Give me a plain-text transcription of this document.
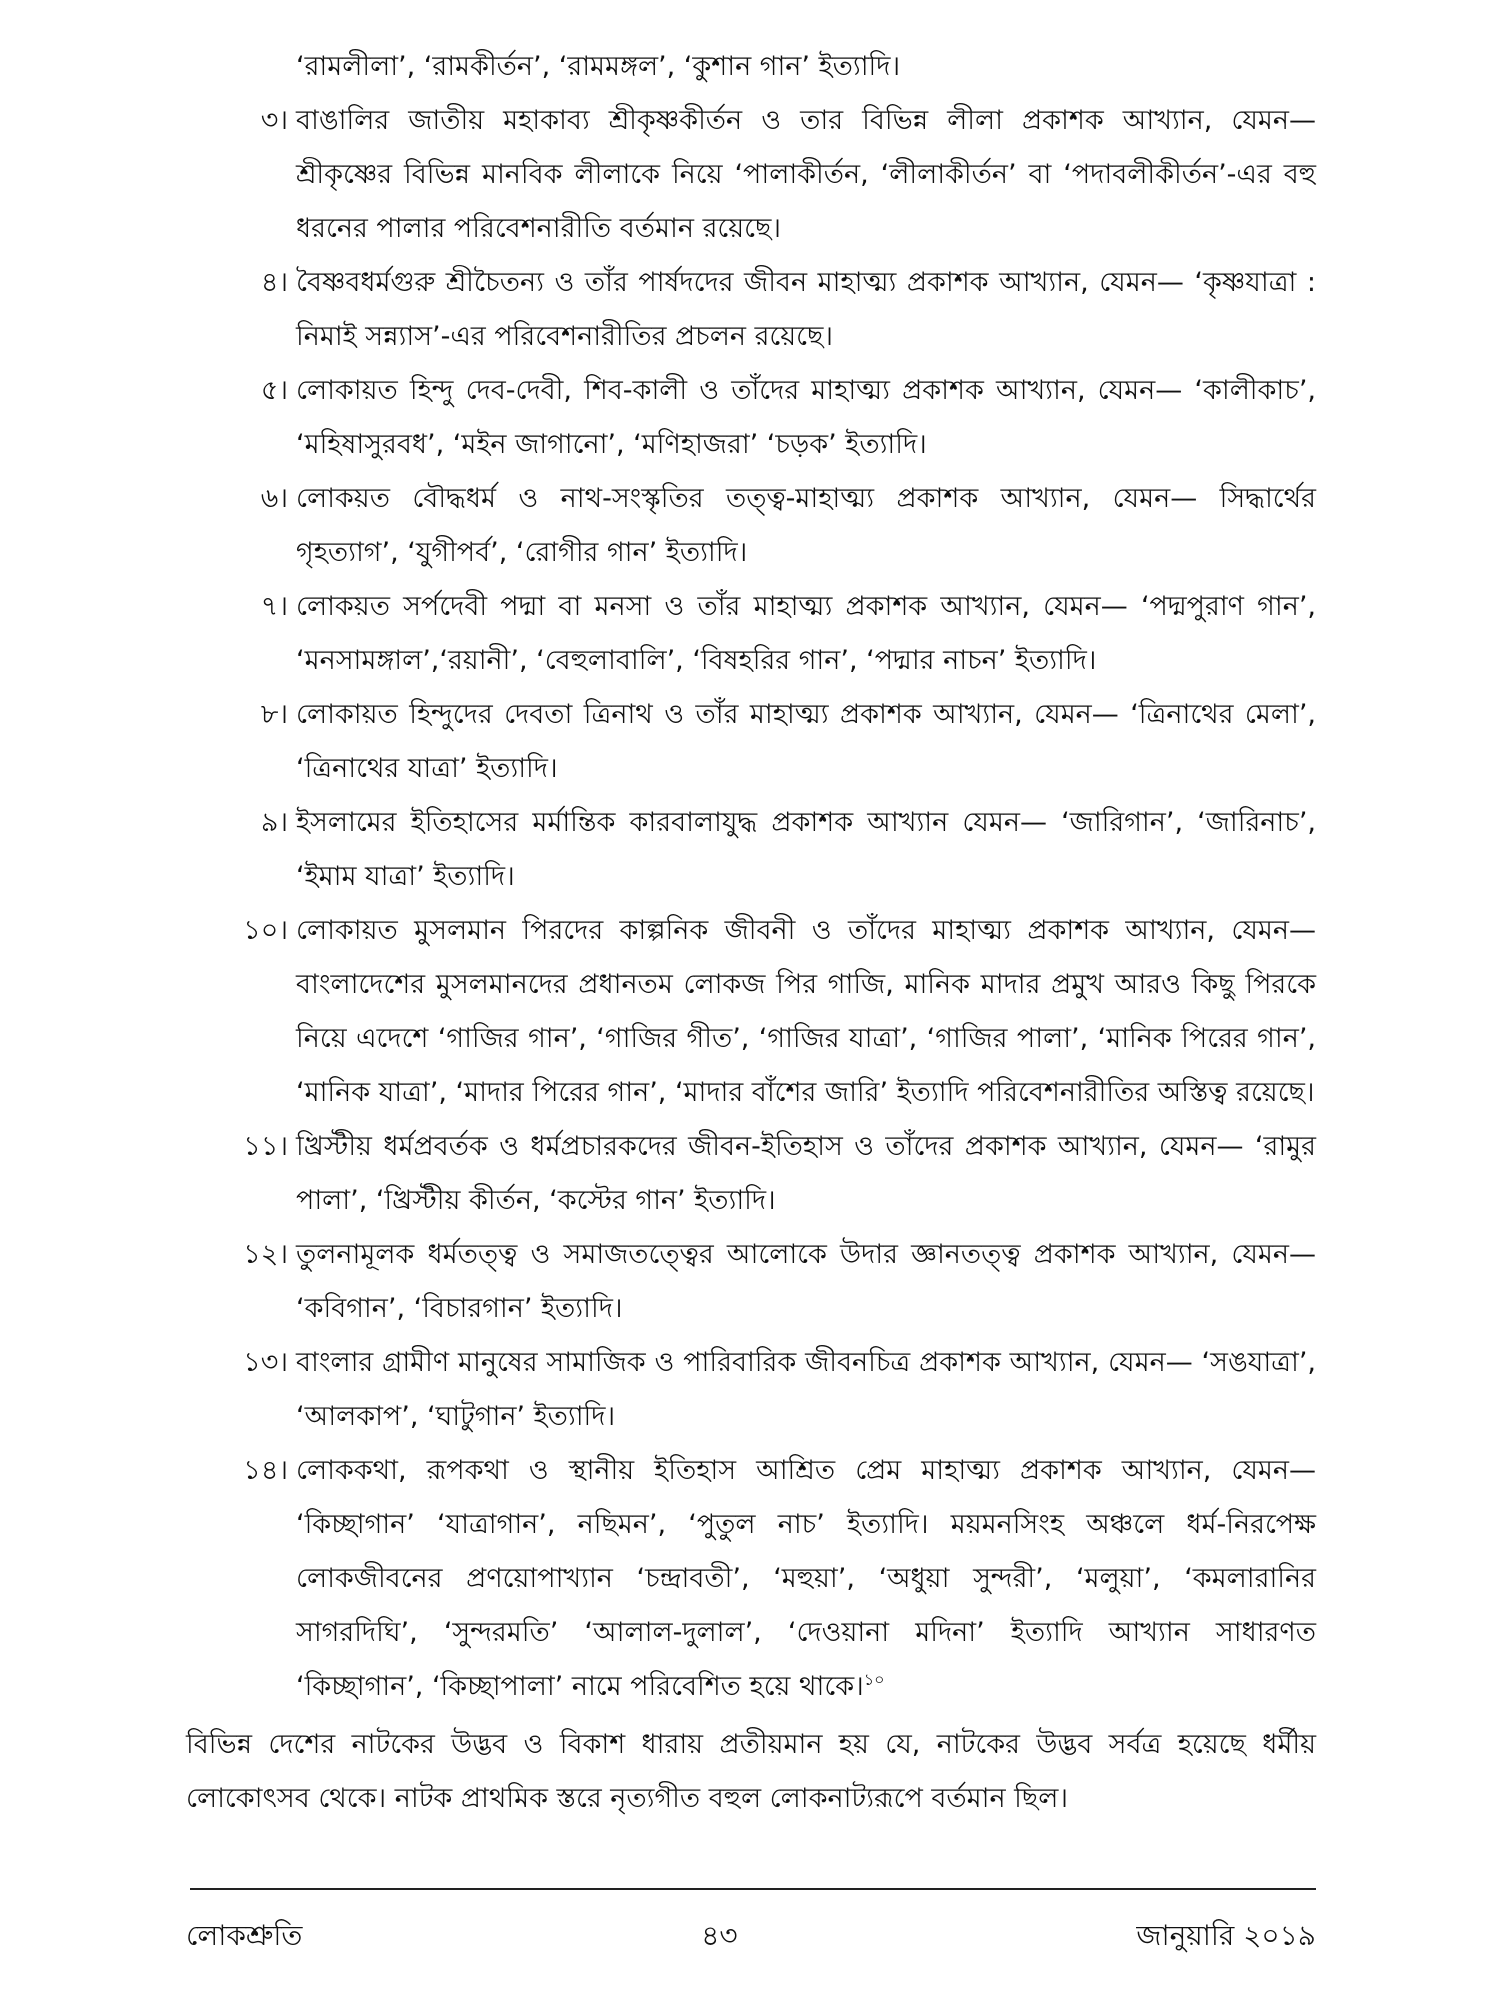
‘রামলীলা’, ‘রামকীর্তন’, ‘রামমঙ্গল’, ‘কুশান গান’ ইত্যাদি।
৩। বাঙালির জাতীয় মহাকাব্য শ্রীকৃষ্ণকীর্তন ও তার বিভিন্ন লীলা প্রকাশক আখ্যান, যেমন— শ্রীকৃষ্ণের বিভিন্ন মানবিক লীলাকে নিয়ে ‘পালাকীর্তন, ‘লীলাকীর্তন’ বা ‘পদাবলীকীর্তন’-এর বহু ধরনের পালার পরিবেশনারীতি বর্তমান রয়েছে।
৪। বৈষ্ণবধর্মগুরু শ্রীচৈতন্য ও তাঁর পার্ষদদের জীবন মাহাত্ম্য প্রকাশক আখ্যান, যেমন— ‘কৃষ্ণযাত্রা : নিমাই সন্ন্যাস’-এর পরিবেশনারীতির প্রচলন রয়েছে।
৫। লোকায়ত হিন্দু দেব-দেবী, শিব-কালী ও তাঁদের মাহাত্ম্য প্রকাশক আখ্যান, যেমন— ‘কালীকাচ’, ‘মহিষাসুরবধ’, ‘মইন জাগানো’, ‘মণিহাজরা’ ‘চড়ক’ ইত্যাদি।
৬। লোকয়ত বৌদ্ধধর্ম ও নাথ-সংস্কৃতির তত্ত্ব-মাহাত্ম্য প্রকাশক আখ্যান, যেমন— সিদ্ধার্থের গৃহত্যাগ’, ‘যুগীপর্ব’, ‘রোগীর গান’ ইত্যাদি।
৭। লোকয়ত সর্পদেবী পদ্মা বা মনসা ও তাঁর মাহাত্ম্য প্রকাশক আখ্যান, যেমন— ‘পদ্মপুরাণ গান’, ‘মনসামঙ্গাল’,‘রয়ানী’, ‘বেহুলাবালি’, ‘বিষহরির গান’, ‘পদ্মার নাচন’ ইত্যাদি।
৮। লোকায়ত হিন্দুদের দেবতা ত্রিনাথ ও তাঁর মাহাত্ম্য প্রকাশক আখ্যান, যেমন— ‘ত্রিনাথের মেলা’, ‘ত্রিনাথের যাত্রা’ ইত্যাদি।
৯। ইসলামের ইতিহাসের মর্মান্তিক কারবালাযুদ্ধ প্রকাশক আখ্যান যেমন— ‘জারিগান’, ‘জারিনাচ’, ‘ইমাম যাত্রা’ ইত্যাদি।
১০। লোকায়ত মুসলমান পিরদের কাল্পনিক জীবনী ও তাঁদের মাহাত্ম্য প্রকাশক আখ্যান, যেমন— বাংলাদেশের মুসলমানদের প্রধানতম লোকজ পির গাজি, মানিক মাদার প্রমুখ আরও কিছু পিরকে নিয়ে এদেশে ‘গাজির গান’, ‘গাজির গীত’, ‘গাজির যাত্রা’, ‘গাজির পালা’, ‘মানিক পিরের গান’, ‘মানিক যাত্রা’, ‘মাদার পিরের গান’, ‘মাদার বাঁশের জারি’ ইত্যাদি পরিবেশনারীতির অস্তিত্ব রয়েছে।
১১। খ্রিস্টীয় ধর্মপ্রবর্তক ও ধর্মপ্রচারকদের জীবন-ইতিহাস ও তাঁদের প্রকাশক আখ্যান, যেমন— ‘রামুর পালা’, ‘খ্রিস্টীয় কীর্তন, ‘কস্টের গান’ ইত্যাদি।
১২। তুলনামূলক ধর্মতত্ত্ব ও সমাজতত্ত্বের আলোকে উদার জ্ঞানতত্ত্ব প্রকাশক আখ্যান, যেমন— ‘কবিগান’, ‘বিচারগান’ ইত্যাদি।
১৩। বাংলার গ্রামীণ মানুষের সামাজিক ও পারিবারিক জীবনচিত্র প্রকাশক আখ্যান, যেমন— ‘সঙযাত্রা’, ‘আলকাপ’, ‘ঘাটুগান’ ইত্যাদি।
১৪। লোককথা, রূপকথা ও স্থানীয় ইতিহাস আশ্রিত প্রেম মাহাত্ম্য প্রকাশক আখ্যান, যেমন— ‘কিচ্ছাগান’ ‘যাত্রাগান’, নছিমন’, ‘পুতুল নাচ’ ইত্যাদি। ময়মনসিংহ অঞ্চলে ধর্ম-নিরপেক্ষ লোকজীবনের প্রণয়োপাখ্যান ‘চন্দ্রাবতী’, ‘মহুয়া’, ‘অধুয়া সুন্দরী’, ‘মলুয়া’, ‘কমলারানির সাগরদিঘি’, ‘সুন্দরমতি’ ‘আলাল-দুলাল’, ‘দেওয়ানা মদিনা’ ইত্যাদি আখ্যান সাধারণত ‘কিচ্ছাগান’, ‘কিচ্ছাপালা’ নামে পরিবেশিত হয়ে থাকে।$^{১০}$
বিভিন্ন দেশের নাটকের উদ্ভব ও বিকাশ ধারায় প্রতীয়মান হয় যে, নাটকের উদ্ভব সর্বত্র হয়েছে ধর্মীয় লোকোৎসব থেকে। নাটক প্রাথমিক স্তরে নৃত্যগীত বহুল লোকনাট্যরূপে বর্তমান ছিল।
লোকশ্রুতি	৪৩	জানুয়ারি ২০১৯
